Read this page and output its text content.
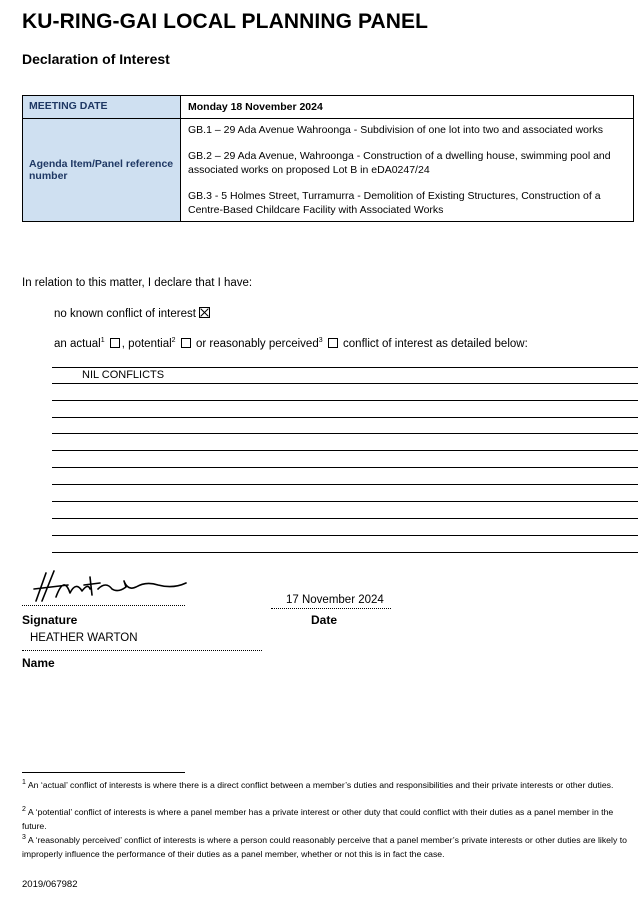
KU-RING-GAI LOCAL PLANNING PANEL
Declaration of Interest
MEETING DATE	Monday 18 November 2024
Agenda Item/Panel reference number	GB.1 – 29 Ada Avenue Wahroonga - Subdivision of one lot into two and associated works
GB.2 – 29 Ada Avenue, Wahroonga - Construction of a dwelling house, swimming pool and associated works on proposed Lot B in eDA0247/24
GB.3 - 5 Holmes Street, Turramurra - Demolition of Existing Structures, Construction of a Centre-Based Childcare Facility with Associated Works
In relation to this matter, I declare that I have:
no known conflict of interest
an actual$^1$ , potential$^2$  or reasonably perceived$^3$  conflict of interest as detailed below:
NIL CONFLICTS
17 November 2024
Signature	Date
HEATHER WARTON
Name
$^1$ An ‘actual’ conflict of interests is where there is a direct conflict between a member’s duties and responsibilities and their private interests or other duties.
$^2$ A ‘potential’ conflict of interests is where a panel member has a private interest or other duty that could conflict with their duties as a panel member in the future.
$^3$ A ‘reasonably perceived’ conflict of interests is where a person could reasonably perceive that a panel member’s private interests or other duties are likely to improperly influence the performance of their duties as a panel member, whether or not this is in fact the case.
2019/067982
